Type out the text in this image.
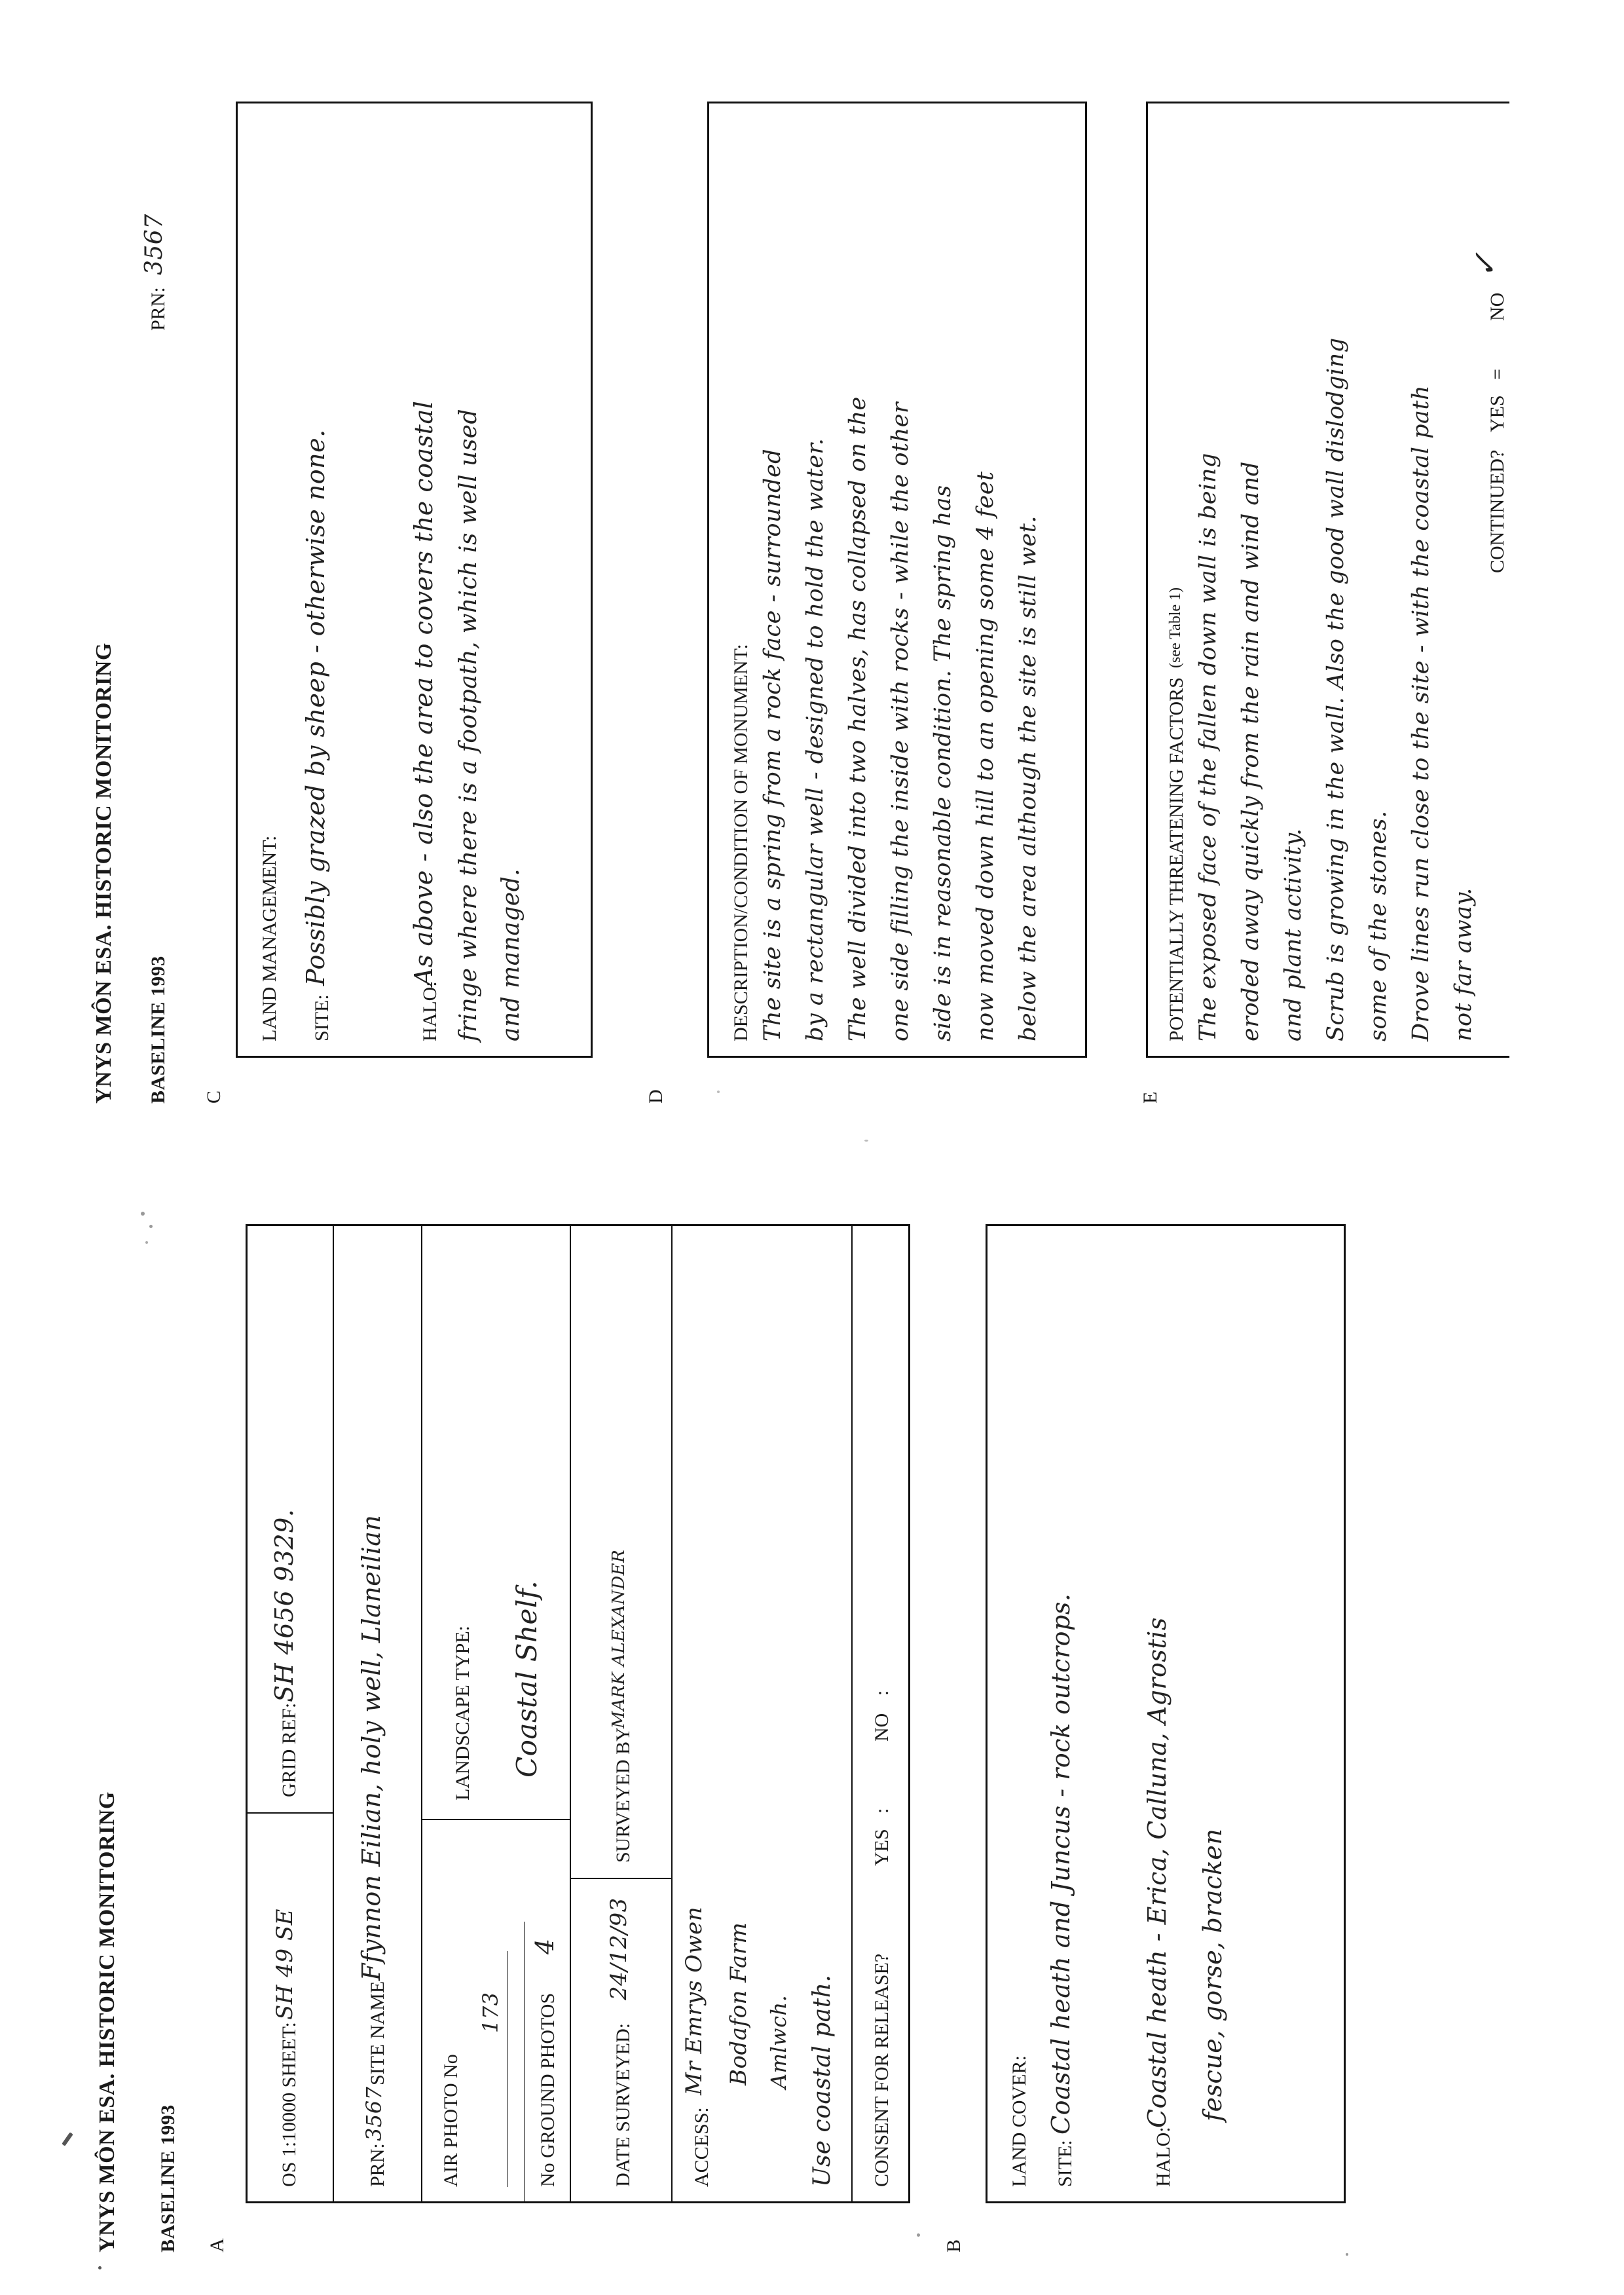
YNYS MÔN ESA. HISTORIC MONITORING BASELINE 1993 A
OS 1:10000 SHEET:
SH 49 SE
GRID REF:
SH 4656 9329.
PRN:
3567
SITE NAME
Ffynnon Eilian, holy well, Llaneilian
AIR PHOTO No
173 No GROUND PHOTOS
4
LANDSCAPE TYPE: Coastal Shelf.
DATE SURVEYED:
24/12/93
SURVEYED BY
MARK ALEXANDER
ACCESS:
Mr Emrys Owen Bodafon Farm Amlwch. Use coastal path. CONSENT FOR RELEASE?
YES
:
NO
:
B
LAND COVER: SITE:
Coastal heath and Juncus - rock outcrops.
HALO:
Coastal heath - Erica, Calluna, Agrostis fescue, gorse, bracken
YNYS MÔN ESA. HISTORIC MONITORING BASELINE 1993
PRN:
3567
C
LAND MANAGEMENT: SITE:
Possibly grazed by sheep - otherwise none.
HALO:
As above - also the area to covers the coastal fringe where there is a footpath, which is well used and managed.
D
DESCRIPTION/CONDITION OF MONUMENT: The site is a spring from a rock face - surrounded by a rectangular well - designed to hold the water. The well divided into two halves, has collapsed on the one side filling the inside with rocks - while the other side is in reasonable condition. The spring has now moved down hill to an opening some 4 feet below the area although the site is still wet.
E
POTENTIALLY THREATENING FACTORS
(see Table 1) The exposed face of the fallen down wall is being eroded away quickly from the rain and wind and and plant activity. Scrub is growing in the wall. Also the good wall dislodging some of the stones. Drove lines run close to the site - with the coastal path not far away.
CONTINUED?
YES
=
NO
✓
